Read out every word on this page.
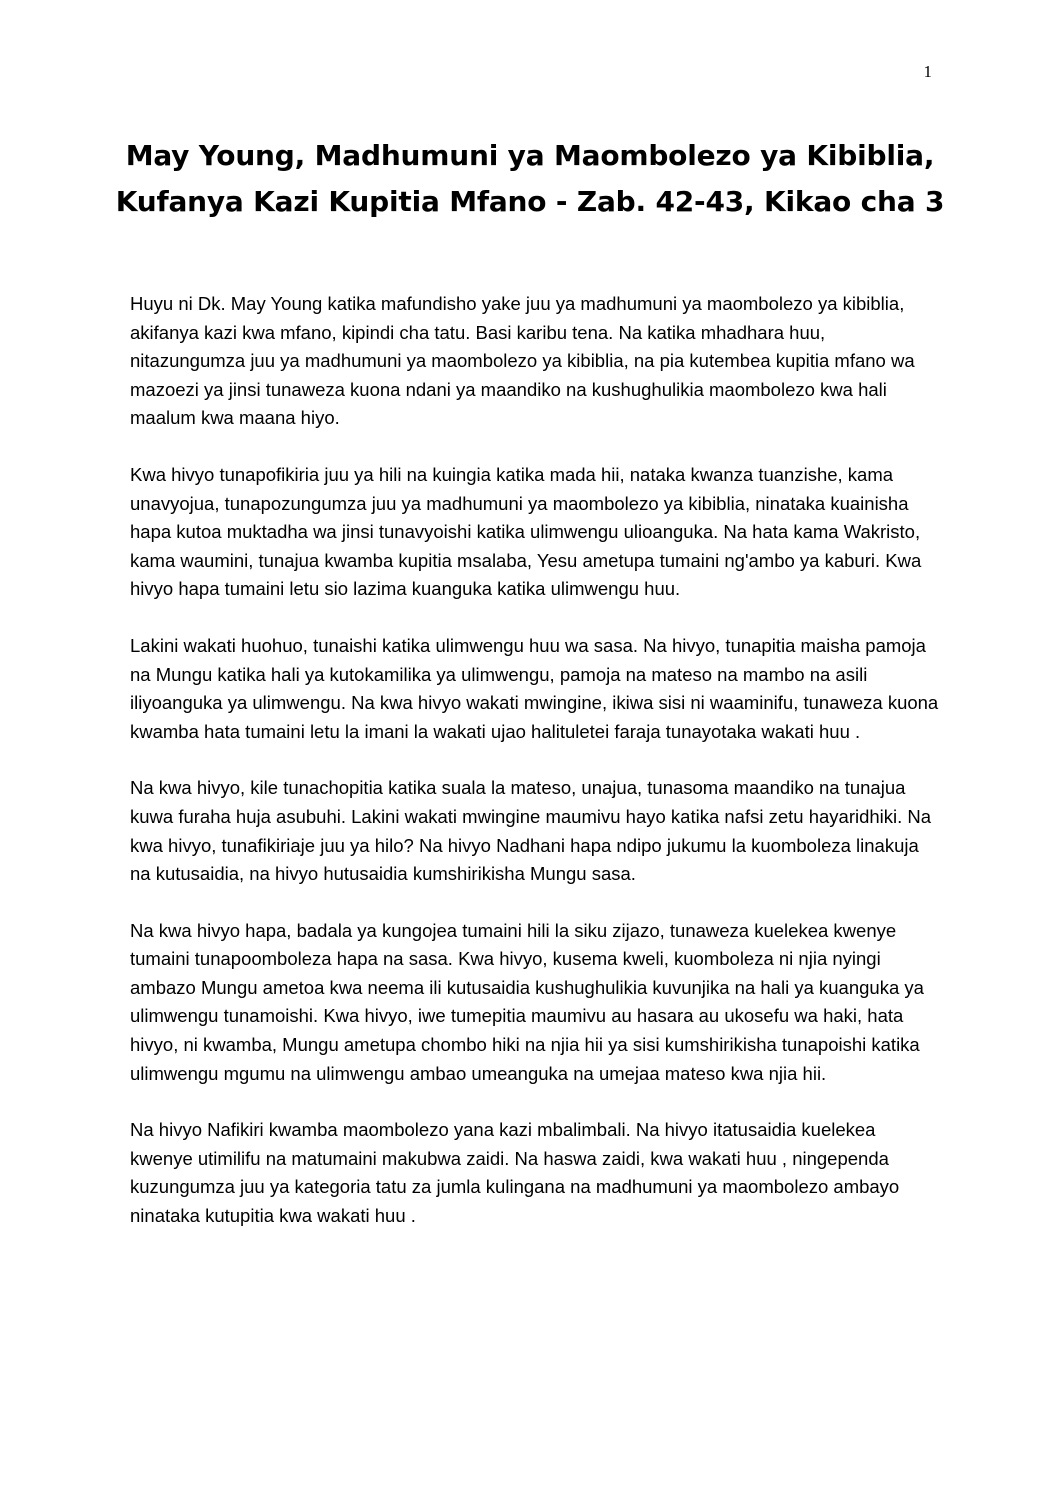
1
May Young, Madhumuni ya Maombolezo ya Kibiblia, Kufanya Kazi Kupitia Mfano - Zab. 42-43, Kikao cha 3

Huyu ni Dk. May Young katika mafundisho yake juu ya madhumuni ya maombolezo ya kibiblia, akifanya kazi kwa mfano, kipindi cha tatu. Basi karibu tena. Na katika mhadhara huu, nitazungumza juu ya madhumuni ya maombolezo ya kibiblia, na pia kutembea kupitia mfano wa mazoezi ya jinsi tunaweza kuona ndani ya maandiko na kushughulikia maombolezo kwa hali maalum kwa maana hiyo.

Kwa hivyo tunapofikiria juu ya hili na kuingia katika mada hii, nataka kwanza tuanzishe, kama unavyojua, tunapozungumza juu ya madhumuni ya maombolezo ya kibiblia, ninataka kuainisha hapa kutoa muktadha wa jinsi tunavyoishi katika ulimwengu ulioanguka. Na hata kama Wakristo, kama waumini, tunajua kwamba kupitia msalaba, Yesu ametupa tumaini ng'ambo ya kaburi. Kwa hivyo hapa tumaini letu sio lazima kuanguka katika ulimwengu huu.

Lakini wakati huohuo, tunaishi katika ulimwengu huu wa sasa. Na hivyo, tunapitia maisha pamoja na Mungu katika hali ya kutokamilika ya ulimwengu, pamoja na mateso na mambo na asili iliyoanguka ya ulimwengu. Na kwa hivyo wakati mwingine, ikiwa sisi ni waaminifu, tunaweza kuona kwamba hata tumaini letu la imani la wakati ujao halituletei faraja tunayotaka wakati huu .

Na kwa hivyo, kile tunachopitia katika suala la mateso, unajua, tunasoma maandiko na tunajua kuwa furaha huja asubuhi. Lakini wakati mwingine maumivu hayo katika nafsi zetu hayaridhiki. Na kwa hivyo, tunafikiriaje juu ya hilo? Na hivyo Nadhani hapa ndipo jukumu la kuomboleza linakuja na kutusaidia, na hivyo hutusaidia kumshirikisha Mungu sasa.

Na kwa hivyo hapa, badala ya kungojea tumaini hili la siku zijazo, tunaweza kuelekea kwenye tumaini tunapoomboleza hapa na sasa. Kwa hivyo, kusema kweli, kuomboleza ni njia nyingi ambazo Mungu ametoa kwa neema ili kutusaidia kushughulikia kuvunjika na hali ya kuanguka ya ulimwengu tunamoishi. Kwa hivyo, iwe tumepitia maumivu au hasara au ukosefu wa haki, hata hivyo, ni kwamba, Mungu ametupa chombo hiki na njia hii ya sisi kumshirikisha tunapoishi katika ulimwengu mgumu na ulimwengu ambao umeanguka na umejaa mateso kwa njia hii.

Na hivyo Nafikiri kwamba maombolezo yana kazi mbalimbali. Na hivyo itatusaidia kuelekea kwenye utimilifu na matumaini makubwa zaidi. Na haswa zaidi, kwa wakati huu , ningependa kuzungumza juu ya kategoria tatu za jumla kulingana na madhumuni ya maombolezo ambayo ninataka kutupitia kwa wakati huu .
